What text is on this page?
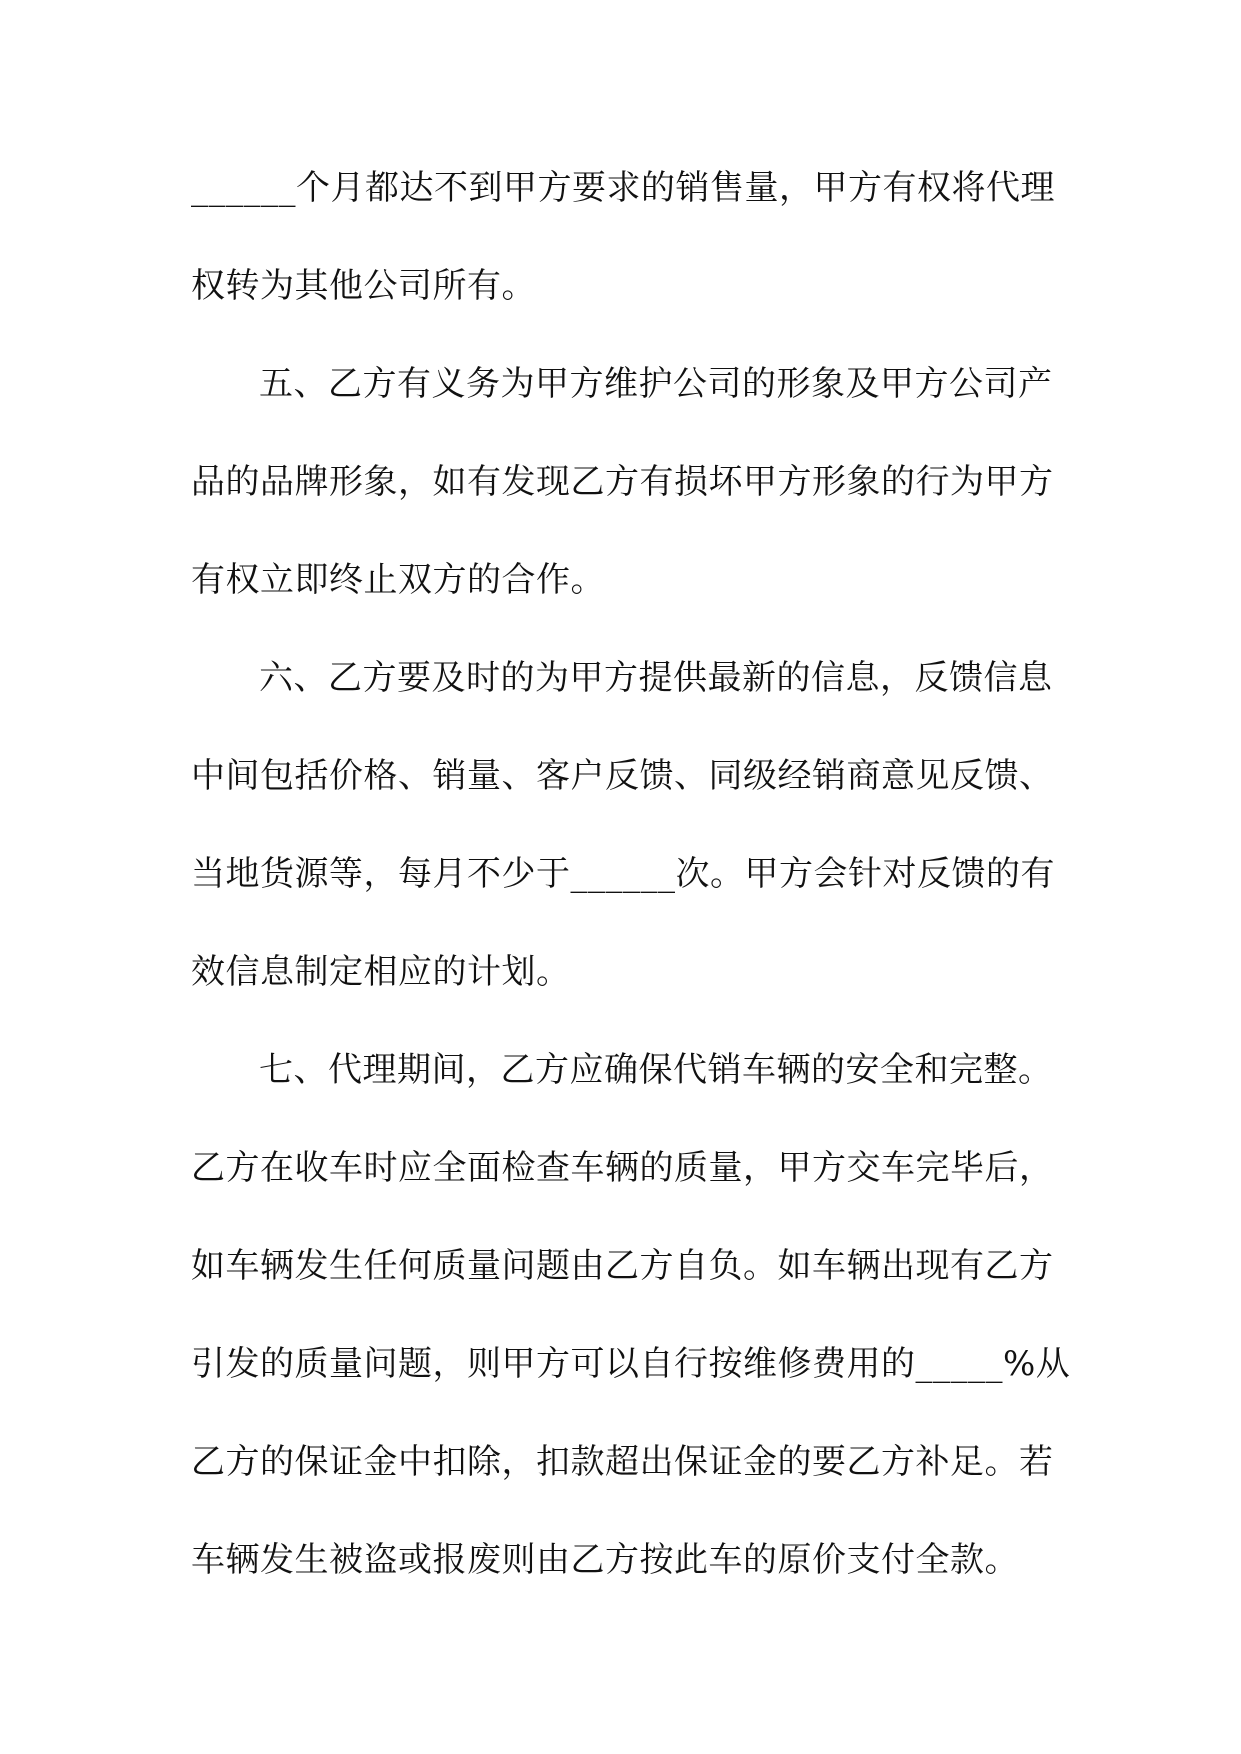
______个月都达不到甲方要求的销售量，甲方有权将代理
权转为其他公司所有。
五、乙方有义务为甲方维护公司的形象及甲方公司产
品的品牌形象，如有发现乙方有损坏甲方形象的行为甲方
有权立即终止双方的合作。
六、乙方要及时的为甲方提供最新的信息，反馈信息
中间包括价格、销量、客户反馈、同级经销商意见反馈、
当地货源等，每月不少于______次。甲方会针对反馈的有
效信息制定相应的计划。
七、代理期间，乙方应确保代销车辆的安全和完整。
乙方在收车时应全面检查车辆的质量，甲方交车完毕后，
如车辆发生任何质量问题由乙方自负。如车辆出现有乙方
引发的质量问题，则甲方可以自行按维修费用的_____%从
乙方的保证金中扣除，扣款超出保证金的要乙方补足。若
车辆发生被盗或报废则由乙方按此车的原价支付全款。
